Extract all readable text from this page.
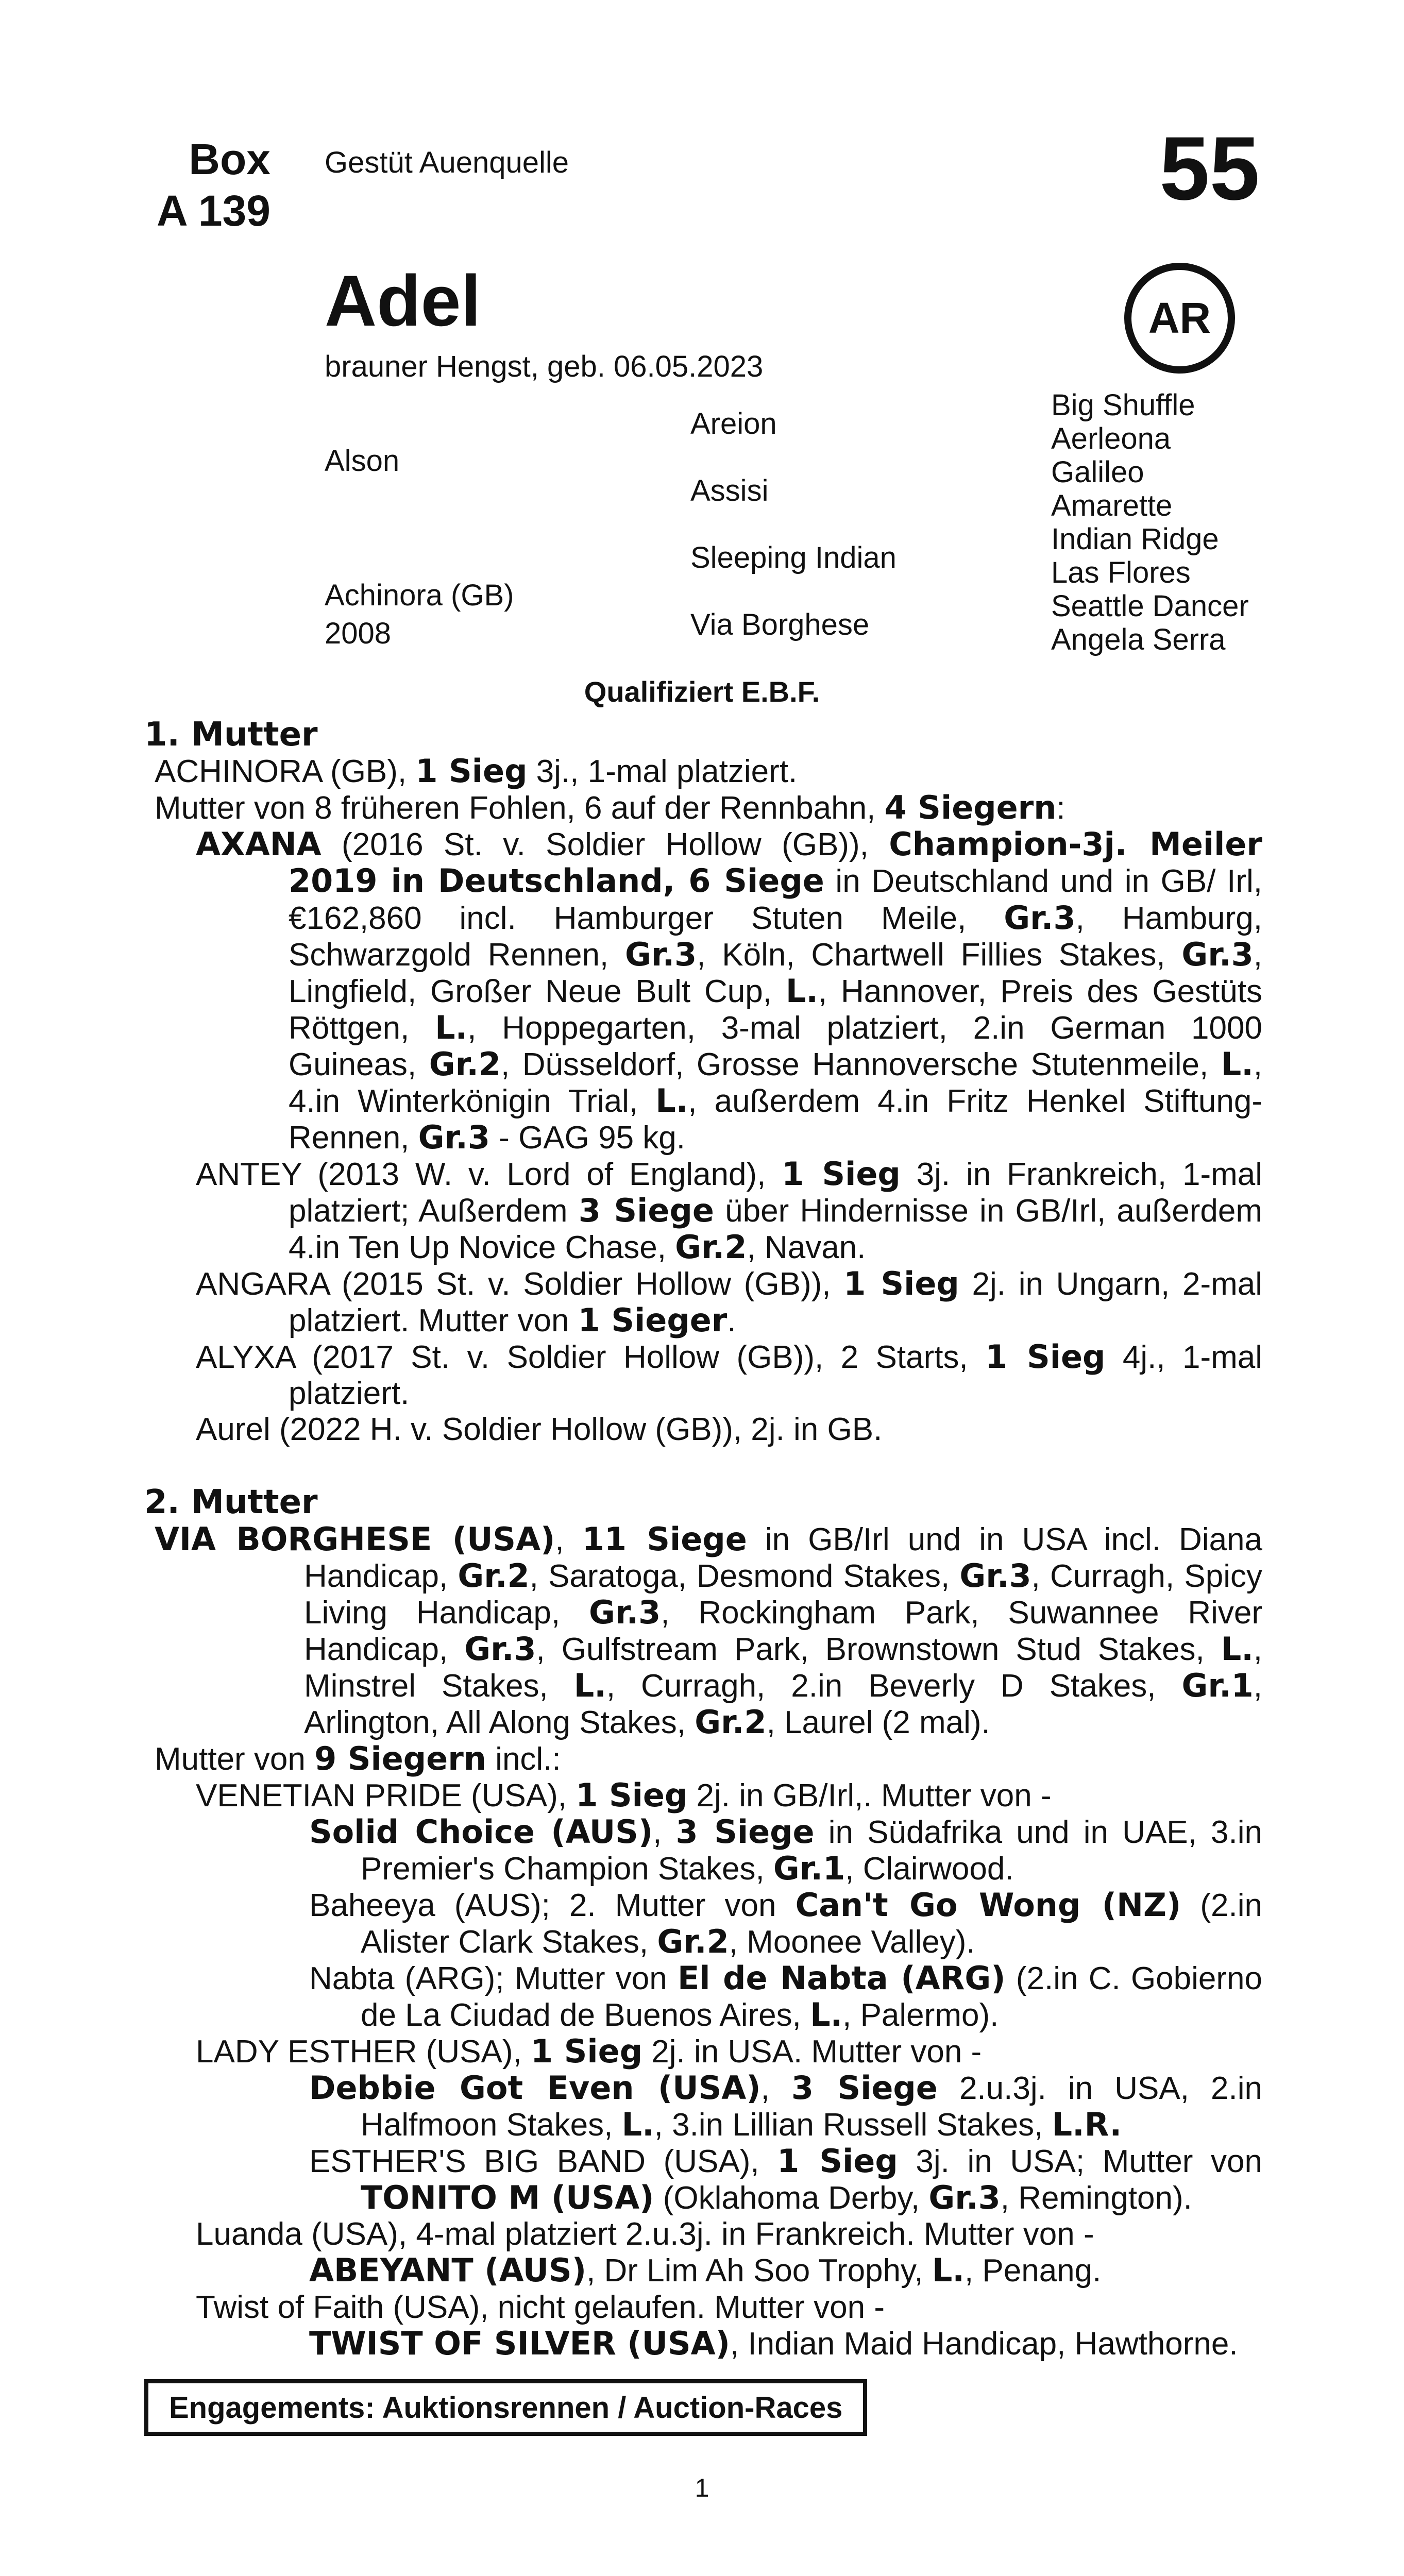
Box
A 139
Gestüt Auenquelle	55
AR
Adel
brauner Hengst, geb. 06.05.2023
Alson
Achinora (GB)
2008
Areion
Assisi
Sleeping Indian
Via Borghese
Big Shuffle
Aerleona
Galileo
Amarette
Indian Ridge
Las Flores
Seattle Dancer
Angela Serra
Qualifiziert E.B.F.
1. Mutter

ACHINORA (GB), 1 Sieg 3j., 1-mal platziert.

Mutter von 8 früheren Fohlen, 6 auf der Rennbahn, 4 Siegern:

AXANA (2016 St. v. Soldier Hollow (GB)), Champion-3j. Meiler 2019 in Deutschland, 6 Siege in Deutschland und in GB/ Irl, €162,860 incl. Hamburger Stuten Meile, Gr.3, Hamburg, Schwarzgold Rennen, Gr.3, Köln, Chartwell Fillies Stakes, Gr.3, Lingfield, Großer Neue Bult Cup, L., Hannover, Preis des Gestüts Röttgen, L., Hoppegarten, 3-mal platziert, 2.in German 1000 Guineas, Gr.2, Düsseldorf, Grosse Hannoversche Stutenmeile, L., 4.in Winterkönigin Trial, L., außerdem 4.in Fritz Henkel Stiftung-Rennen, Gr.3 - GAG 95 kg.

ANTEY (2013 W. v. Lord of England), 1 Sieg 3j. in Frankreich, 1-mal platziert; Außerdem 3 Siege über Hindernisse in GB/Irl, außerdem 4.in Ten Up Novice Chase, Gr.2, Navan.

ANGARA (2015 St. v. Soldier Hollow (GB)), 1 Sieg 2j. in Ungarn, 2-mal platziert. Mutter von 1 Sieger.

ALYXA (2017 St. v. Soldier Hollow (GB)), 2 Starts, 1 Sieg 4j., 1-mal platziert.

Aurel (2022 H. v. Soldier Hollow (GB)), 2j. in GB.

2. Mutter

VIA BORGHESE (USA), 11 Siege in GB/Irl und in USA incl. Diana Handicap, Gr.2, Saratoga, Desmond Stakes, Gr.3, Curragh, Spicy Living Handicap, Gr.3, Rockingham Park, Suwannee River Handicap, Gr.3, Gulfstream Park, Brownstown Stud Stakes, L., Minstrel Stakes, L., Curragh, 2.in Beverly D Stakes, Gr.1, Arlington, All Along Stakes, Gr.2, Laurel (2 mal).

Mutter von 9 Siegern incl.:

VENETIAN PRIDE (USA), 1 Sieg 2j. in GB/Irl,. Mutter von -

Solid Choice (AUS), 3 Siege in Südafrika und in UAE, 3.in Premier's Champion Stakes, Gr.1, Clairwood.

Baheeya (AUS); 2. Mutter von Can't Go Wong (NZ) (2.in Alister Clark Stakes, Gr.2, Moonee Valley).

Nabta (ARG); Mutter von El de Nabta (ARG) (2.in C. Gobierno de La Ciudad de Buenos Aires, L., Palermo).

LADY ESTHER (USA), 1 Sieg 2j. in USA. Mutter von -

Debbie Got Even (USA), 3 Siege 2.u.3j. in USA, 2.in Halfmoon Stakes, L., 3.in Lillian Russell Stakes, L.R.

ESTHER'S BIG BAND (USA), 1 Sieg 3j. in USA; Mutter von TONITO M (USA) (Oklahoma Derby, Gr.3, Remington).

Luanda (USA), 4-mal platziert 2.u.3j. in Frankreich. Mutter von -

ABEYANT (AUS), Dr Lim Ah Soo Trophy, L., Penang.

Twist of Faith (USA), nicht gelaufen. Mutter von -

TWIST OF SILVER (USA), Indian Maid Handicap, Hawthorne.

Engagements: Auktionsrennen / Auction-Races
1
